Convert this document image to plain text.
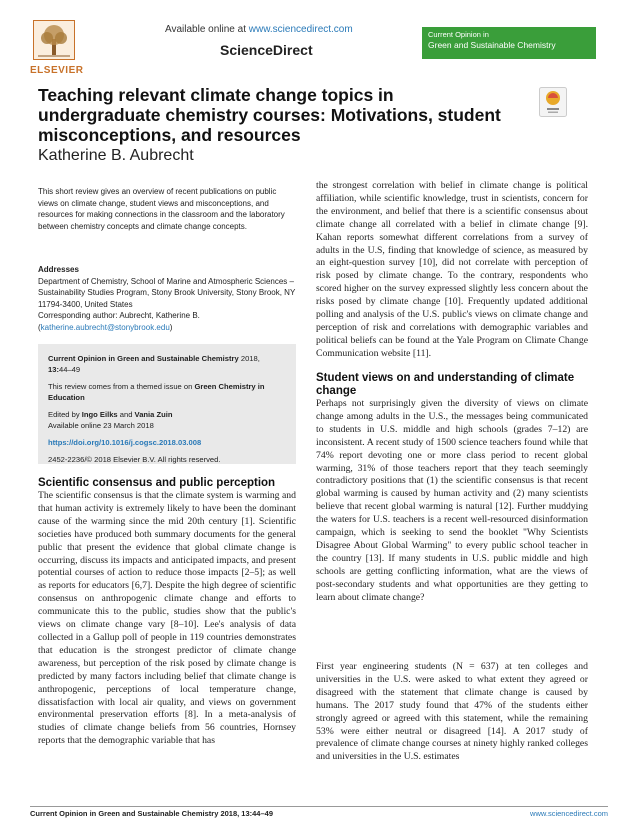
ELSEVIER
Available online at www.sciencedirect.com
ScienceDirect
Current Opinion in
Green and Sustainable Chemistry
Teaching relevant climate change topics in undergraduate chemistry courses: Motivations, student misconceptions, and resources
Katherine B. Aubrecht
This short review gives an overview of recent publications on public views on climate change, student views and misconceptions, and resources for making connections in the classroom and the laboratory between chemistry concepts and climate change concepts.
Addresses
Department of Chemistry, School of Marine and Atmospheric Sciences – Sustainability Studies Program, Stony Brook University, Stony Brook, NY 11794-3400, United States
Corresponding author: Aubrecht, Katherine B. (katherine.aubrecht@stonybrook.edu)
Current Opinion in Green and Sustainable Chemistry 2018,
13:44–49
This review comes from a themed issue on Green Chemistry in Education
Edited by Ingo Eilks and Vania Zuin
Available online 23 March 2018
https://doi.org/10.1016/j.cogsc.2018.03.008
2452-2236/© 2018 Elsevier B.V. All rights reserved.
Scientific consensus and public perception
The scientific consensus is that the climate system is warming and that human activity is extremely likely to have been the dominant cause of the warming since the mid 20th century [1]. Scientific societies have produced both summary documents for the general public that present the evidence that global climate change is occurring, discuss its impacts and anticipated impacts, and present potential courses of action to reduce those impacts [2–5]; as well as reports for educators [6,7]. Despite the high degree of scientific consensus on anthropogenic climate change and efforts to communicate this to the public, studies show that the public's views on climate change vary [8–10]. Lee's analysis of data collected in a Gallup poll of people in 119 countries demonstrates that education is the strongest predictor of climate change awareness, but perception of the risk posed by climate change is predicted by many factors including belief that climate change is anthropogenic, perceptions of local temperature change, dissatisfaction with local air quality, and views on government environmental preservation efforts [8]. In a meta-analysis of studies of climate change beliefs from 56 countries, Hornsey reports that the demographic variable that has
the strongest correlation with belief in climate change is political affiliation, while scientific knowledge, trust in scientists, concern for the environment, and belief that there is a scientific consensus about climate change all correlated with a belief in climate change [9]. Kahan reports somewhat different correlations from a survey of adults in the U.S, finding that knowledge of science, as measured by an eight-question survey [10], did not correlate with perception of risk posed by climate change. To the contrary, respondents who scored higher on the survey expressed slightly less concern about the risks posed by climate change [10]. Frequently updated additional polling and analysis of the U.S. public's views on climate change and perception of risk and correlations with demographic variables and political beliefs can be found at the Yale Program on Climate Change Communication website [11].
Student views on and understanding of climate change
Perhaps not surprisingly given the diversity of views on climate change among adults in the U.S., the messages being communicated to students in U.S. middle and high schools (grades 7–12) are inconsistent. A recent study of 1500 science teachers found while that 74% report devoting one or more class period to recent global warming, 31% of those teachers report that they teach seemingly contradictory positions that (1) the scientific consensus is that recent global warming is caused by human activity and (2) many scientists believe that recent global warming is natural [12]. Further muddying the waters for U.S. teachers is a recent well-resourced disinformation campaign, which is seeking to send the booklet "Why Scientists Disagree About Global Warming" to every public school teacher in the country [13]. If many students in U.S. public middle and high schools are getting conflicting information, what are the views of post-secondary students and what opportunities are they getting to learn about climate change?
First year engineering students (N = 637) at ten colleges and universities in the U.S. were asked to what extent they agreed or disagreed with the statement that climate change is caused by humans. The 2017 study found that 47% of the students either strongly agreed or agreed with this statement, while the remaining 53% were either neutral or disagreed [14]. A 2017 study of prevalence of climate change courses at ninety highly ranked colleges and universities in the U.S. estimates
Current Opinion in Green and Sustainable Chemistry 2018, 13:44–49	www.sciencedirect.com
